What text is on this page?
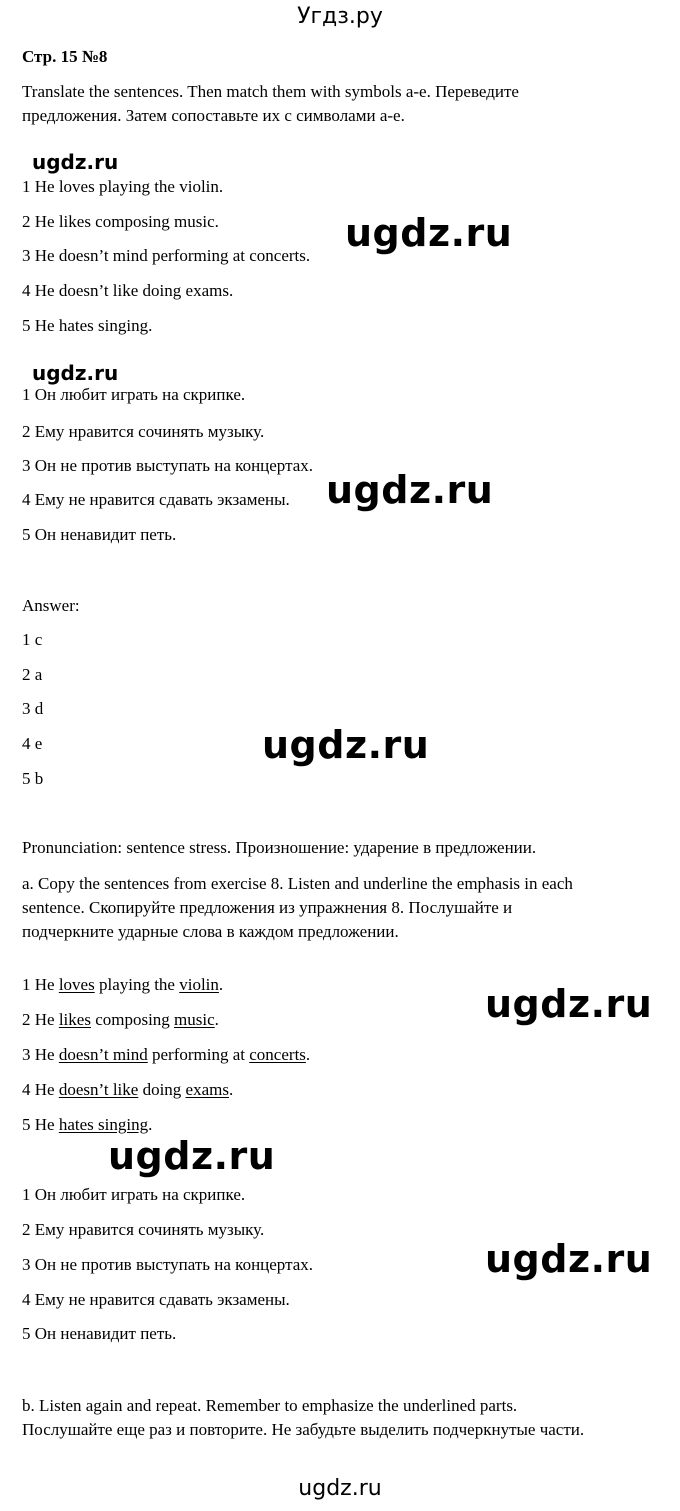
Угдз.ру
Стр. 15 №8
Translate the sentences. Then match them with symbols a-e. Переведите
предложения. Затем сопоставьте их с символами a-e.
ugdz.ru
1 He loves playing the violin.
2 He likes composing music.
3 He doesn’t mind performing at concerts.
4 He doesn’t like doing exams.
5 He hates singing.
ugdz.ru
ugdz.ru
1 Он любит играть на скрипке.
2 Ему нравится сочинять музыку.
3 Он не против выступать на концертах.
4 Ему не нравится сдавать экзамены.
5 Он ненавидит петь.
ugdz.ru
Answer:
1 c
2 a
3 d
4 e
5 b
ugdz.ru
Pronunciation: sentence stress. Произношение: ударение в предложении.
a. Copy the sentences from exercise 8. Listen and underline the emphasis in each
sentence. Скопируйте предложения из упражнения 8. Послушайте и
подчеркните ударные слова в каждом предложении.
1 He loves playing the violin.
2 He likes composing music.
3 He doesn’t mind performing at concerts.
4 He doesn’t like doing exams.
5 He hates singing.
ugdz.ru
ugdz.ru
1 Он любит играть на скрипке.
2 Ему нравится сочинять музыку.
3 Он не против выступать на концертах.
4 Ему не нравится сдавать экзамены.
5 Он ненавидит петь.
ugdz.ru
b. Listen again and repeat. Remember to emphasize the underlined parts.
Послушайте еще раз и повторите. Не забудьте выделить подчеркнутые части.
ugdz.ru
